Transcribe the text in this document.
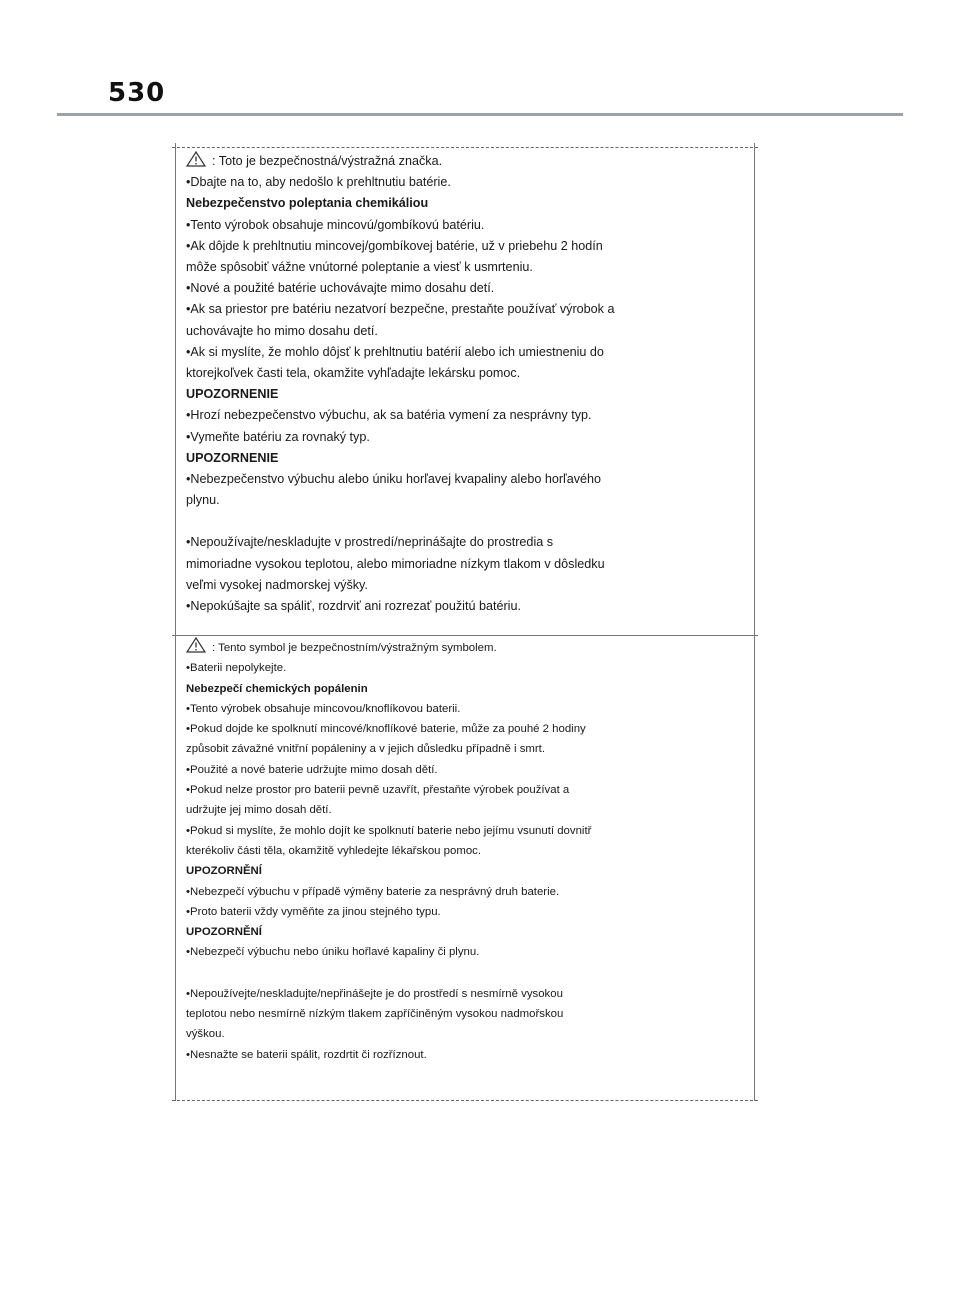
530
: Toto je bezpečnostná/výstražná značka.
•Dbajte na to, aby nedošlo k prehltnutiu batérie.
Nebezpečenstvo poleptania chemikáliou
•Tento výrobok obsahuje mincovú/gombíkovú batériu.
•Ak dôjde k prehltnutiu mincovej/gombíkovej batérie, už v priebehu 2 hodín
môže spôsobiť vážne vnútorné poleptanie a viesť k usmrteniu.
•Nové a použité batérie uchovávajte mimo dosahu detí.
•Ak sa priestor pre batériu nezatvorí bezpečne, prestaňte používať výrobok a
uchovávajte ho mimo dosahu detí.
•Ak si myslíte, že mohlo dôjsť k prehltnutiu batérií alebo ich umiestneniu do
ktorejkoľvek časti tela, okamžite vyhľadajte lekársku pomoc.
UPOZORNENIE
•Hrozí nebezpečenstvo výbuchu, ak sa batéria vymení za nesprávny typ.
•Vymeňte batériu za rovnaký typ.
UPOZORNENIE
•Nebezpečenstvo výbuchu alebo úniku horľavej kvapaliny alebo horľavého
plynu.
•Nepoužívajte/neskladujte v prostredí/neprinášajte do prostredia s
mimoriadne vysokou teplotou, alebo mimoriadne nízkym tlakom v dôsledku
veľmi vysokej nadmorskej výšky.
•Nepokúšajte sa spáliť, rozdrviť ani rozrezať použitú batériu.
: Tento symbol je bezpečnostním/výstražným symbolem.
•Baterii nepolykejte.
Nebezpečí chemických popálenin
•Tento výrobek obsahuje mincovou/knoflíkovou baterii.
•Pokud dojde ke spolknutí mincové/knoflíkové baterie, může za pouhé 2 hodiny
způsobit závažné vnitřní popáleniny a v jejich důsledku případně i smrt.
•Použité a nové baterie udržujte mimo dosah dětí.
•Pokud nelze prostor pro baterii pevně uzavřít, přestaňte výrobek používat a
udržujte jej mimo dosah dětí.
•Pokud si myslíte, že mohlo dojít ke spolknutí baterie nebo jejímu vsunutí dovnitř
kterékoliv části těla, okamžitě vyhledejte lékařskou pomoc.
UPOZORNĚNÍ
•Nebezpečí výbuchu v případě výměny baterie za nesprávný druh baterie.
•Proto baterii vždy vyměňte za jinou stejného typu.
UPOZORNĚNÍ
•Nebezpečí výbuchu nebo úniku hořlavé kapaliny či plynu.
•Nepoužívejte/neskladujte/nepřinášejte je do prostředí s nesmírně vysokou
teplotou nebo nesmírně nízkým tlakem zapříčiněným vysokou nadmořskou
výškou.
•Nesnažte se baterii spálit, rozdrtit či rozříznout.
